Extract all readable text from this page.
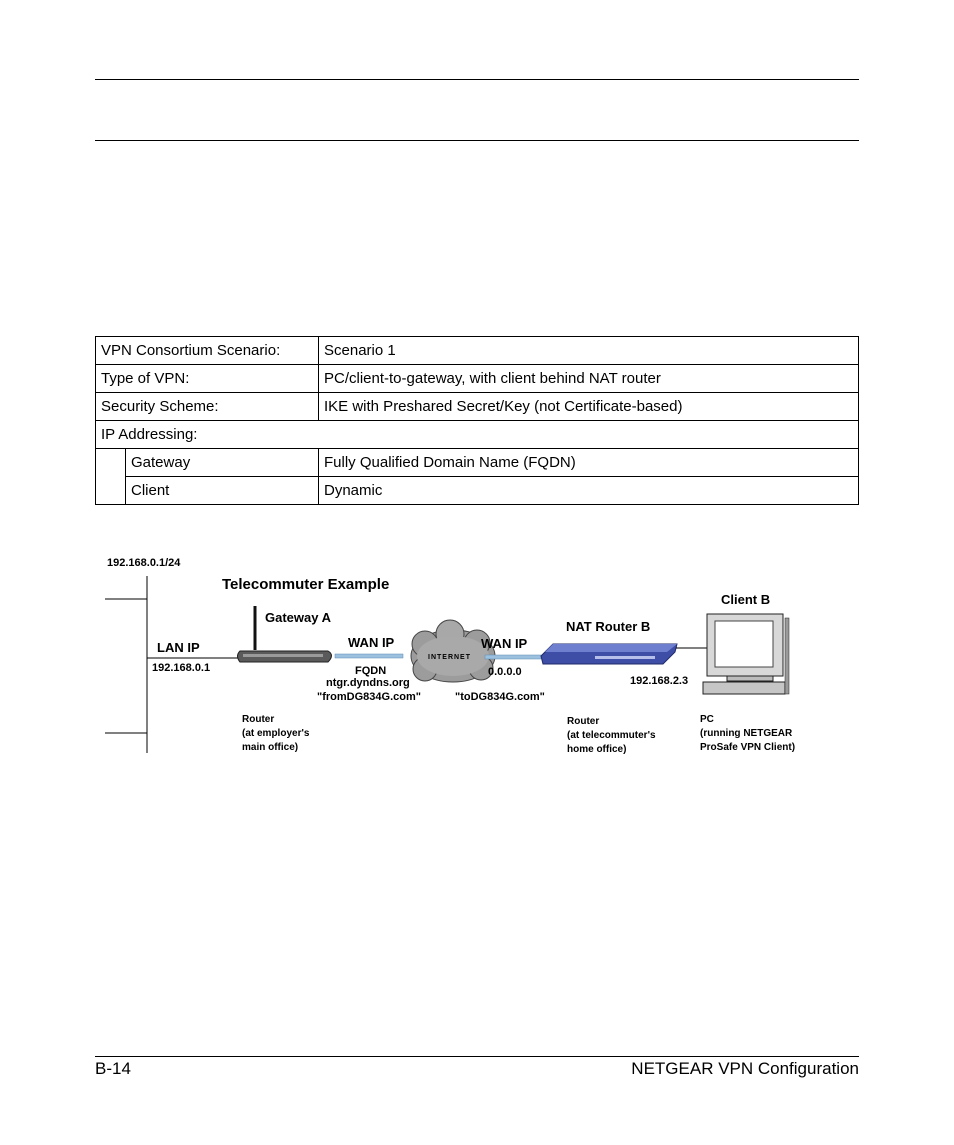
VPN Consortium Scenario:		Scenario 1
Type of VPN:		PC/client-to-gateway, with client behind NAT router
Security Scheme:		IKE with Preshared Secret/Key (not Certificate-based)
IP Addressing:		
	Gateway	Fully Qualified Domain Name (FQDN)
	Client	Dynamic
192.168.0.1/24
Telecommuter Example
Gateway A
LAN IP
192.168.0.1
WAN IP
FQDN
ntgr.dyndns.org
"fromDG834G.com"
INTERNET
WAN IP
0.0.0.0
"toDG834G.com"
NAT Router B
192.168.2.3
Client B
Router
(at employer's
main office)
Router
(at telecommuter's
home office)
PC
(running NETGEAR
ProSafe VPN Client)
B-14	NETGEAR VPN Configuration
